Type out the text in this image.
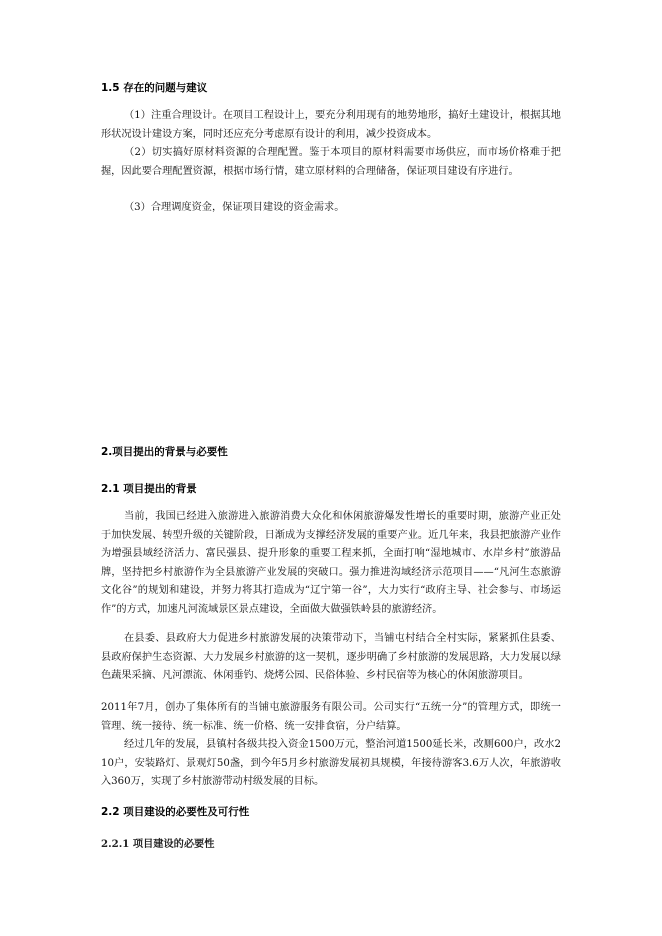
1.5 存在的问题与建议

（1）注重合理设计。在项目工程设计上，要充分利用现有的地势地形，搞好土建设计，根据其地形状况设计建设方案，同时还应充分考虑原有设计的利用，减少投资成本。

（2）切实搞好原材料资源的合理配置。鉴于本项目的原材料需要市场供应，而市场价格难于把握，因此要合理配置资源，根据市场行情，建立原材料的合理储备，保证项目建设有序进行。

（3）合理调度资金，保证项目建设的资金需求。

2.项目提出的背景与必要性
2.1 项目提出的背景

当前，我国已经进入旅游进入旅游消费大众化和休闲旅游爆发性增长的重要时期，旅游产业正处于加快发展、转型升级的关键阶段，日渐成为支撑经济发展的重要产业。近几年来，我县把旅游产业作为增强县域经济活力、富民强县、提升形象的重要工程来抓，全面打响“湿地城市、水岸乡村”旅游品牌，坚持把乡村旅游作为全县旅游产业发展的突破口。强力推进沟域经济示范项目——“凡河生态旅游文化谷”的规划和建设，并努力将其打造成为“辽宁第一谷”，大力实行“政府主导、社会参与、市场运作”的方式，加速凡河流域景区景点建设，全面做大做强铁岭县的旅游经济。

在县委、县政府大力促进乡村旅游发展的决策带动下，当铺屯村结合全村实际，紧紧抓住县委、县政府保护生态资源、大力发展乡村旅游的这一契机，逐步明确了乡村旅游的发展思路，大力发展以绿色蔬果采摘、凡河漂流、休闲垂钓、烧烤公园、民俗体验、乡村民宿等为核心的休闲旅游项目。

2011年7月，创办了集体所有的当铺屯旅游服务有限公司。公司实行“五统一分”的管理方式，即统一管理、统一接待、统一标准、统一价格、统一安排食宿，分户结算。

经过几年的发展，县镇村各级共投入资金1500万元，整治河道1500延长米，改厕600户，改水210户，安装路灯、景观灯50盏，到今年5月乡村旅游发展初具规模，年接待游客3.6万人次，年旅游收入360万，实现了乡村旅游带动村级发展的目标。

2.2 项目建设的必要性及可行性
2.2.1 项目建设的必要性
